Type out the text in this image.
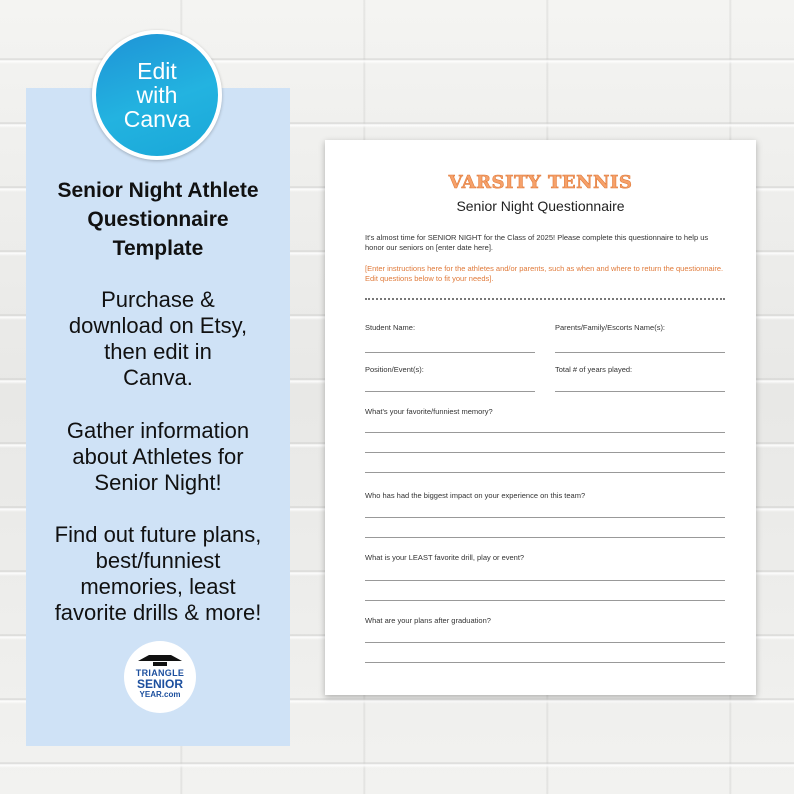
Senior Night Athlete
Questionnaire
Template
Purchase &
download on Etsy,
then edit in
Canva.
Gather information
about Athletes for
Senior Night!
Find out future plans,
best/funniest
memories, least
favorite drills & more!
Edit
with
Canva
TRIANGLE
SENIOR
YEAR.com
VARSITY TENNIS
Senior Night Questionnaire
It's almost time for SENIOR NIGHT for the Class of 2025! Please complete this questionnaire to help us honor our seniors on [enter date here].
[Enter instructions here for the athletes and/or parents, such as when and where to return the questionnaire. Edit questions below to fit your needs].
Student Name:	Parents/Family/Escorts Name(s):
Position/Event(s):	Total # of years played:
What's your favorite/funniest memory?
Who has had the biggest impact on your experience on this team?
What is your LEAST favorite drill, play or event?
What are your plans after graduation?
